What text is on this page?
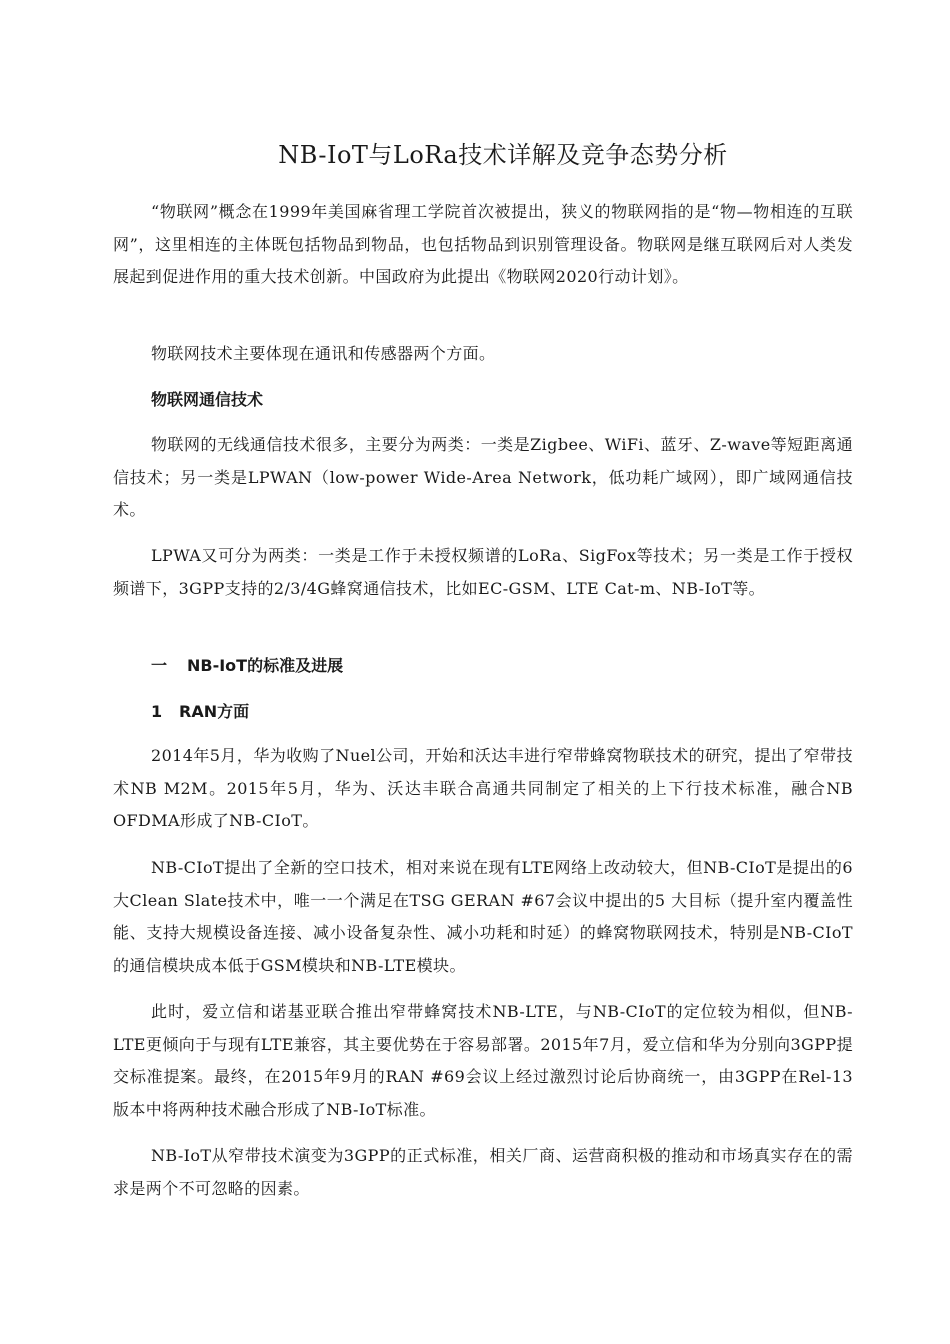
NB-IoT与LoRa技术详解及竞争态势分析

“物联网”概念在1999年美国麻省理工学院首次被提出，狭义的物联网指的是“物—物相连的互联网”，这里相连的主体既包括物品到物品，也包括物品到识别管理设备。物联网是继互联网后对人类发展起到促进作用的重大技术创新。中国政府为此提出《物联网2020行动计划》。

物联网技术主要体现在通讯和传感器两个方面。

物联网通信技术

物联网的无线通信技术很多，主要分为两类：一类是Zigbee、WiFi、蓝牙、Z-wave等短距离通信技术；另一类是LPWAN（low-power Wide-Area Network，低功耗广域网），即广域网通信技术。

LPWA又可分为两类：一类是工作于未授权频谱的LoRa、SigFox等技术；另一类是工作于授权频谱下，3GPP支持的2/3/4G蜂窝通信技术，比如EC-GSM、LTE Cat-m、NB-IoT等。

一 NB-IoT的标准及进展
1 RAN方面

2014年5月，华为收购了Nuel公司，开始和沃达丰进行窄带蜂窝物联技术的研究，提出了窄带技术NB M2M。2015年5月，华为、沃达丰联合高通共同制定了相关的上下行技术标准，融合NB OFDMA形成了NB-CIoT。

NB-CIoT提出了全新的空口技术，相对来说在现有LTE网络上改动较大，但NB-CIoT是提出的6大Clean Slate技术中，唯一一个满足在TSG GERAN #67会议中提出的5 大目标（提升室内覆盖性能、支持大规模设备连接、减小设备复杂性、减小功耗和时延）的蜂窝物联网技术，特别是NB-CIoT的通信模块成本低于GSM模块和NB-LTE模块。

此时，爱立信和诺基亚联合推出窄带蜂窝技术NB-LTE，与NB-CIoT的定位较为相似，但NB-LTE更倾向于与现有LTE兼容，其主要优势在于容易部署。2015年7月，爱立信和华为分别向3GPP提交标准提案。最终，在2015年9月的RAN #69会议上经过激烈讨论后协商统一，由3GPP在Rel-13版本中将两种技术融合形成了NB-IoT标准。

NB-IoT从窄带技术演变为3GPP的正式标准，相关厂商、运营商积极的推动和市场真实存在的需求是两个不可忽略的因素。
